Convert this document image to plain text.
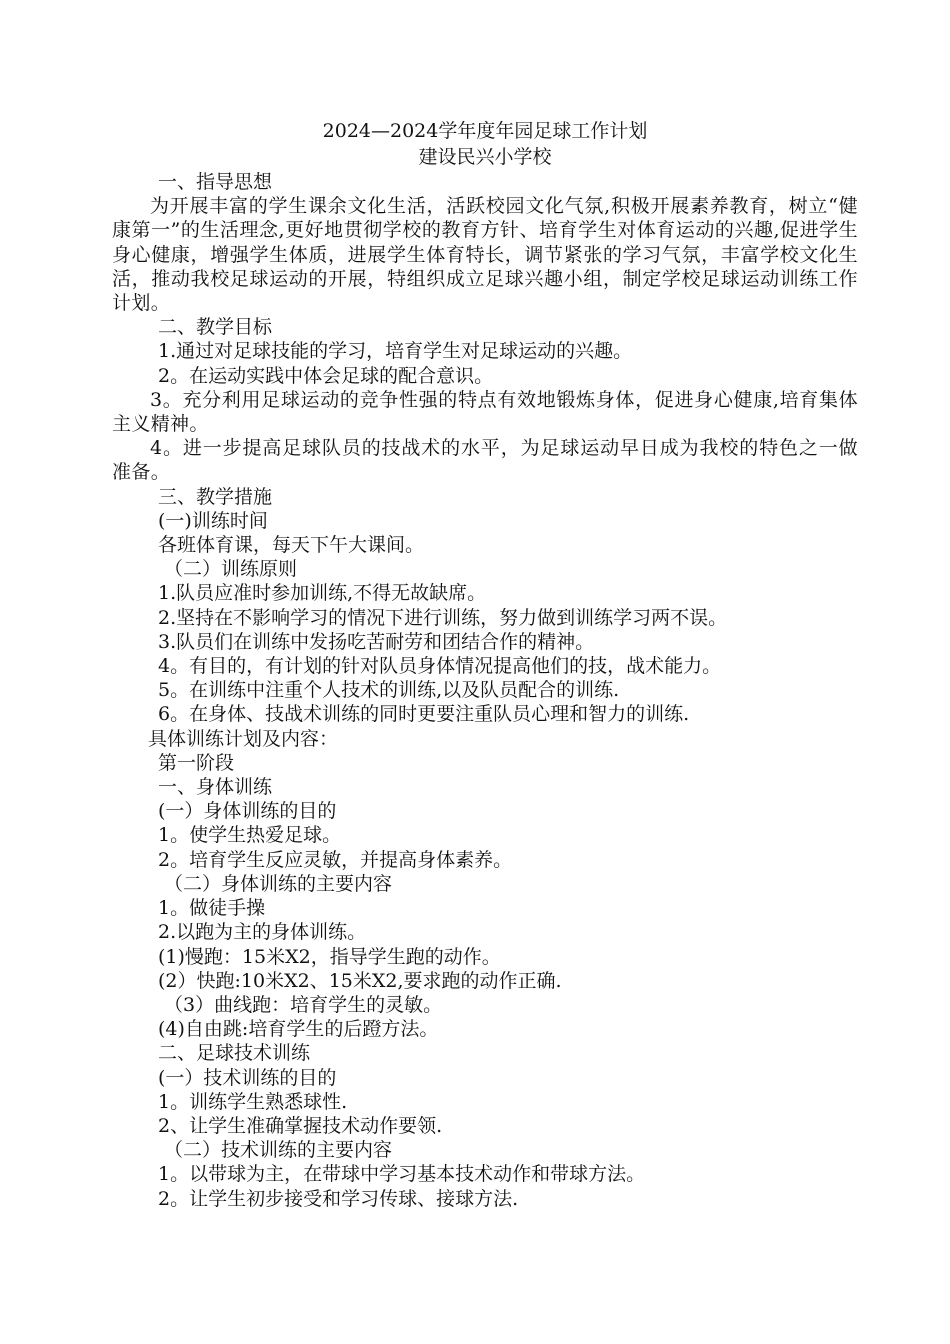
2024—2024学年度年园足球工作计划

建设民兴小学校

一、指导思想

为开展丰富的学生课余文化生活，活跃校园文化气氛,积极开展素养教育，树立“健康第一”的生活理念,更好地贯彻学校的教育方针、培育学生对体育运动的兴趣,促进学生身心健康，增强学生体质，进展学生体育特长，调节紧张的学习气氛，丰富学校文化生活，推动我校足球运动的开展，特组织成立足球兴趣小组，制定学校足球运动训练工作计划。

二、教学目标

1.通过对足球技能的学习，培育学生对足球运动的兴趣。

2。在运动实践中体会足球的配合意识。

3。充分利用足球运动的竞争性强的特点有效地锻炼身体，促进身心健康,培育集体主义精神。

4。进一步提高足球队员的技战术的水平，为足球运动早日成为我校的特色之一做准备。

三、教学措施

(一)训练时间

各班体育课，每天下午大课间。

（二）训练原则

1.队员应准时参加训练,不得无故缺席。

2.坚持在不影响学习的情况下进行训练，努力做到训练学习两不误。

3.队员们在训练中发扬吃苦耐劳和团结合作的精神。

4。有目的，有计划的针对队员身体情况提高他们的技，战术能力。

5。在训练中注重个人技术的训练,以及队员配合的训练.

6。在身体、技战术训练的同时更要注重队员心理和智力的训练.

具体训练计划及内容：

第一阶段

一、身体训练

(一）身体训练的目的

1。使学生热爱足球。

2。培育学生反应灵敏，并提高身体素养。

（二）身体训练的主要内容

1。做徒手操

2.以跑为主的身体训练。

(1)慢跑：15米X2，指导学生跑的动作。

(2）快跑:10米X2、15米X2,要求跑的动作正确.

（3）曲线跑：培育学生的灵敏。

(4)自由跳:培育学生的后蹬方法。

二、足球技术训练

(一）技术训练的目的

1。训练学生熟悉球性.

2、让学生准确掌握技术动作要领.

（二）技术训练的主要内容

1。以带球为主，在带球中学习基本技术动作和带球方法。

2。让学生初步接受和学习传球、接球方法.
